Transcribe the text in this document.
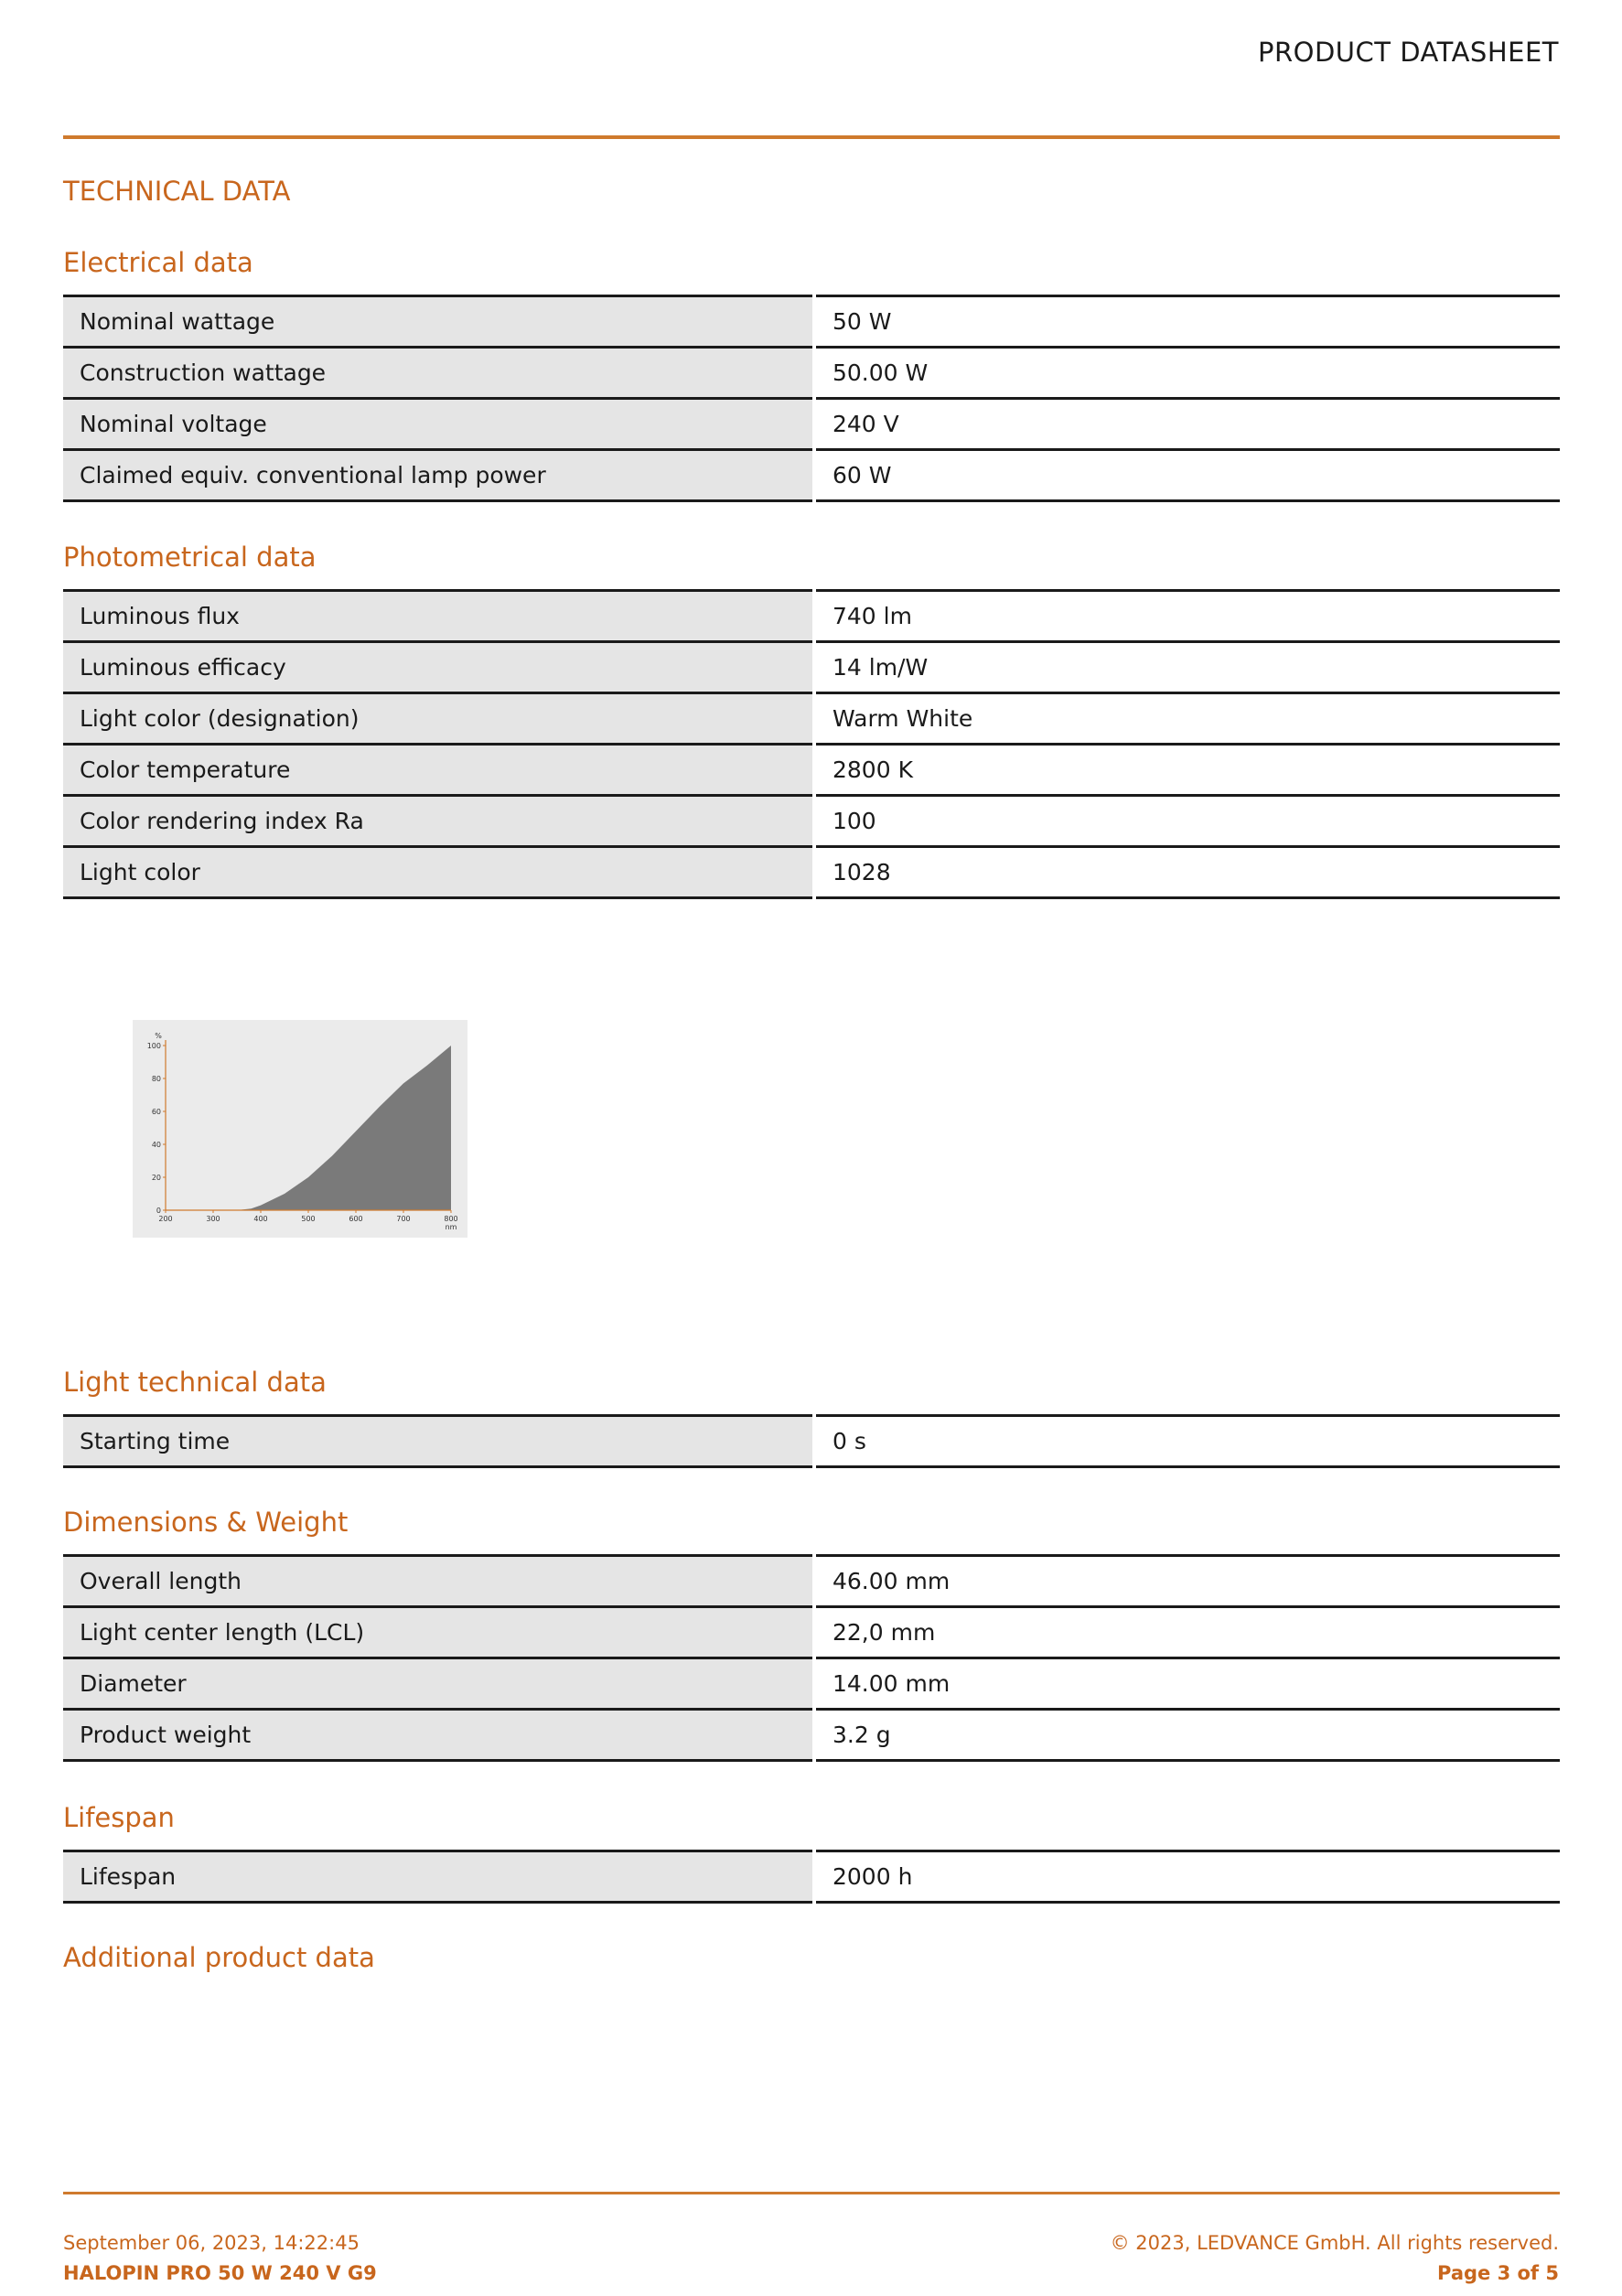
PRODUCT DATASHEET
TECHNICAL DATA
Electrical data
Nominal wattage	50 W
Construction wattage	50.00 W
Nominal voltage	240 V
Claimed equiv. conventional lamp power	60 W
Photometrical data
Luminous flux	740 lm
Luminous efficacy	14 lm/W
Light color (designation)	Warm White
Color temperature	2800 K
Color rendering index Ra	100
Light color	1028
0
20
40
60
80
100
200	300	400	500	600	700	800
%
nm
Light technical data
Starting time	0 s
Dimensions & Weight
Overall length	46.00 mm
Light center length (LCL)	22,0 mm
Diameter	14.00 mm
Product weight	3.2 g
Lifespan
Lifespan	2000 h
Additional product data
September 06, 2023, 14:22:45
HALOPIN PRO 50 W 240 V G9
© 2023, LEDVANCE GmbH. All rights reserved.
Page 3 of 5
